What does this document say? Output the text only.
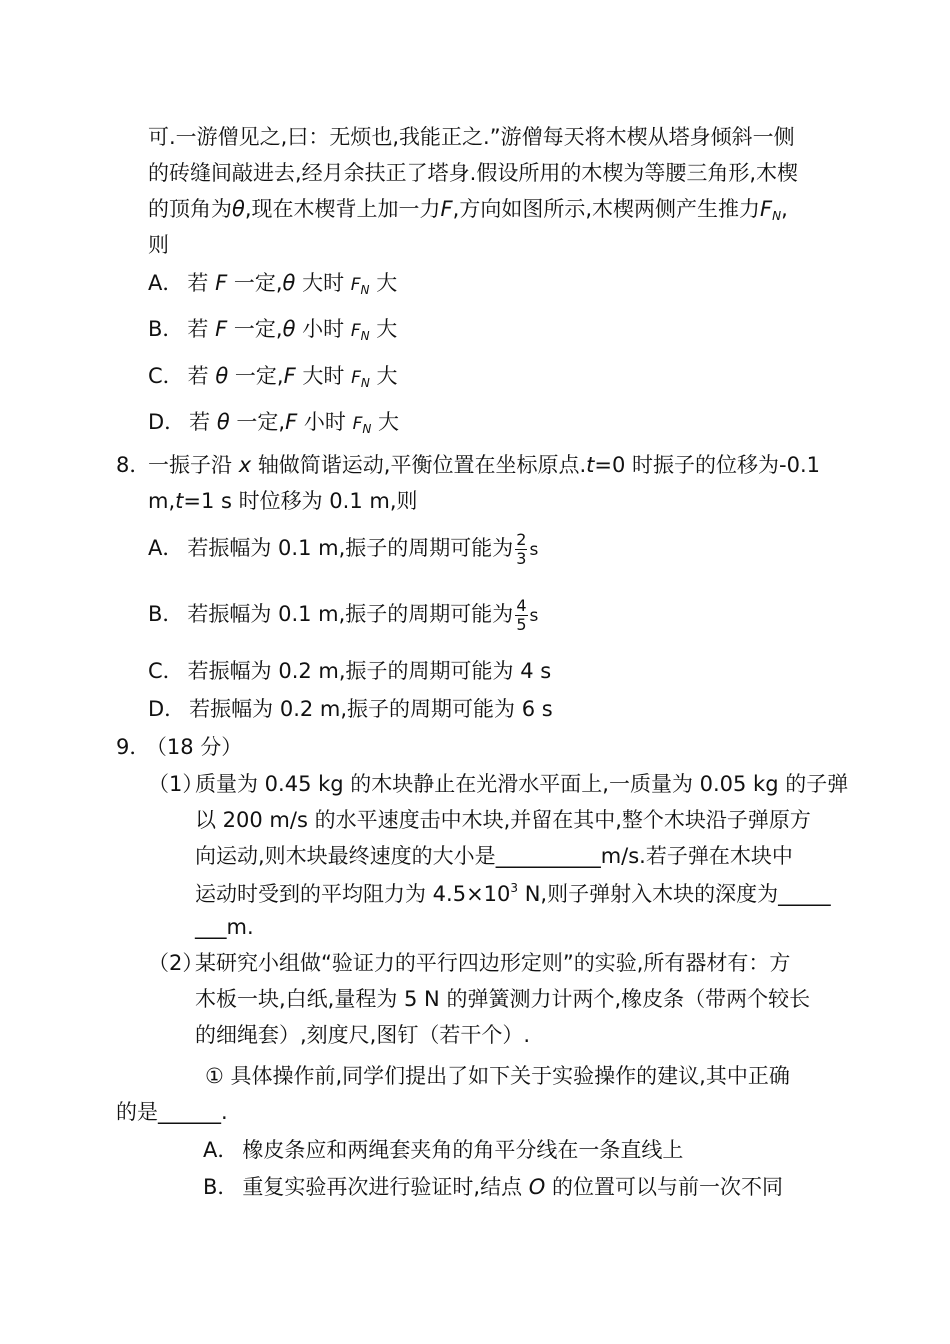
可.一游僧见之,曰：无烦也,我能正之.”游僧每天将木楔从塔身倾斜一侧
的砖缝间敲进去,经月余扶正了塔身.假设所用的木楔为等腰三角形,木楔
的顶角为θ,现在木楔背上加一力F,方向如图所示,木楔两侧产生推力$F_N$,
则
A． 若 F 一定,θ 大时 $F_N$ 大
B． 若 F 一定,θ 小时 $F_N$ 大
C． 若 θ 一定,F 大时 $F_N$ 大
D． 若 θ 一定,F 小时 $F_N$ 大
8．
一振子沿 x 轴做简谐运动,平衡位置在坐标原点.t=0 时振子的位移为-0.1
m,t=1 s 时位移为 0.1 m,则
A． 若振幅为 0.1 m,振子的周期可能为 $\frac{2}{3}$ s
B． 若振幅为 0.1 m,振子的周期可能为 $\frac{4}{5}$ s
C． 若振幅为 0.2 m,振子的周期可能为 4 s
D． 若振幅为 0.2 m,振子的周期可能为 6 s
9． （18 分）
（1）
质量为 0.45 kg 的木块静止在光滑水平面上,一质量为 0.05 kg 的子弹
以 200 m/s 的水平速度击中木块,并留在其中,整个木块沿子弹原方
向运动,则木块最终速度的大小是__________m/s.若子弹在木块中
运动时受到的平均阻力为 $4.5\times 10^3$ N,则子弹射入木块的深度为_____
___m.
（2）
某研究小组做“验证力的平行四边形定则”的实验,所有器材有：方
木板一块,白纸,量程为 5 N 的弹簧测力计两个,橡皮条（带两个较长
的细绳套）,刻度尺,图钉（若干个）.
① 具体操作前,同学们提出了如下关于实验操作的建议,其中正确
的是______.
A． 橡皮条应和两绳套夹角的角平分线在一条直线上
B． 重复实验再次进行验证时,结点 O 的位置可以与前一次不同
